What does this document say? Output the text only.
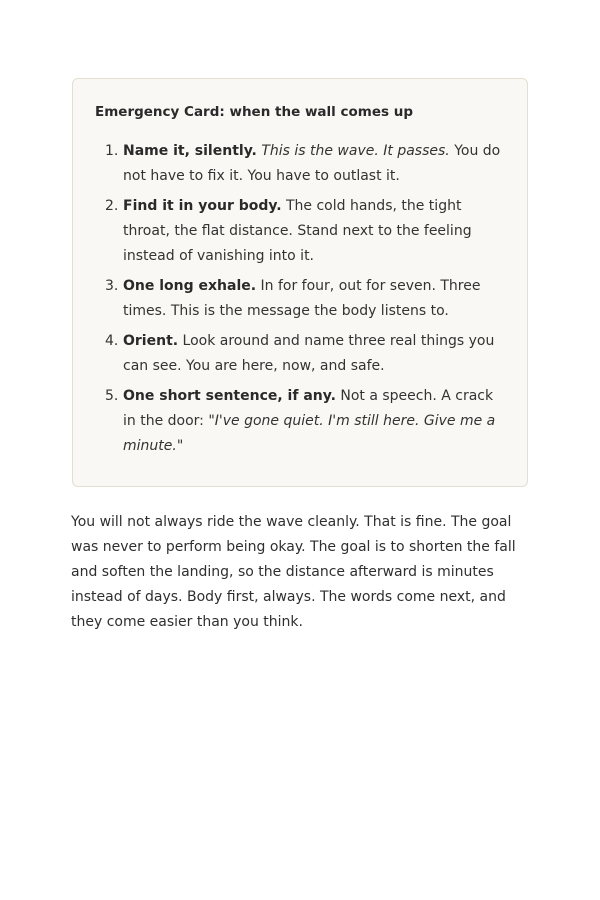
Emergency Card: when the wall comes up
Name it, silently. This is the wave. It passes. You do not have to fix it. You have to outlast it.
Find it in your body. The cold hands, the tight throat, the flat distance. Stand next to the feeling instead of vanishing into it.
One long exhale. In for four, out for seven. Three times. This is the message the body listens to.
Orient. Look around and name three real things you can see. You are here, now, and safe.
One short sentence, if any. Not a speech. A crack in the door: "I've gone quiet. I'm still here. Give me a minute."

You will not always ride the wave cleanly. That is fine. The goal was never to perform being okay. The goal is to shorten the fall and soften the landing, so the distance afterward is minutes instead of days. Body first, always. The words come next, and they come easier than you think.
